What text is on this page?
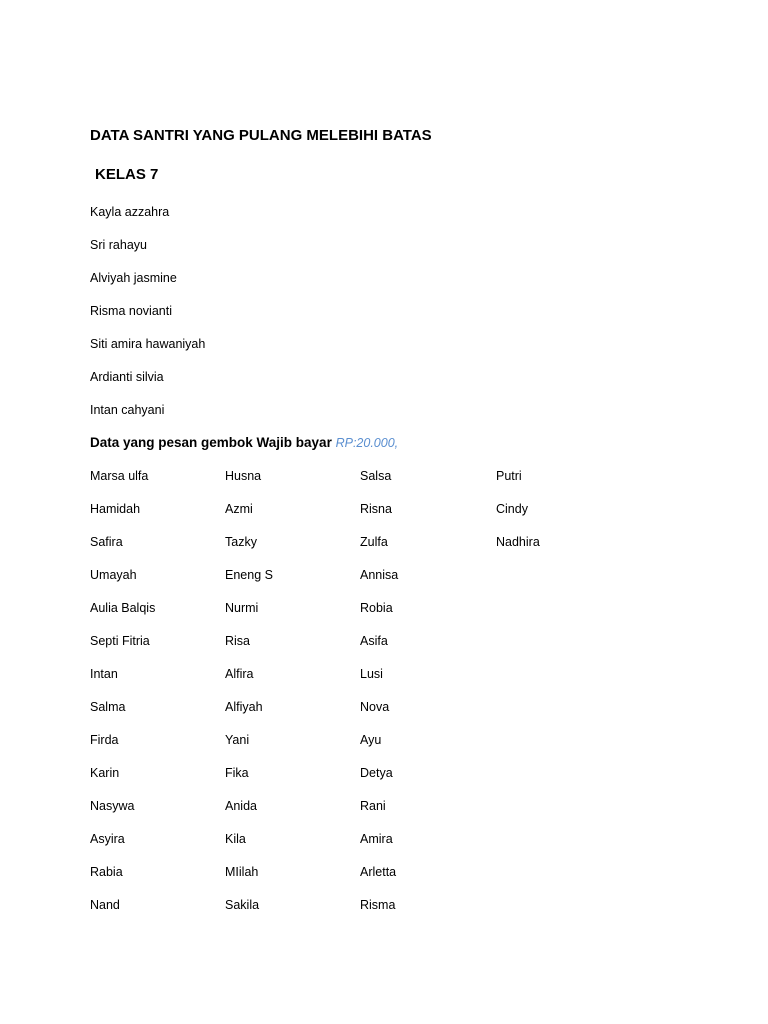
DATA SANTRI YANG PULANG MELEBIHI BATAS
KELAS 7
Kayla azzahra
Sri rahayu
Alviyah jasmine
Risma novianti
Siti amira hawaniyah
Ardianti silvia
Intan cahyani
Data yang pesan gembok Wajib bayar RP:20.000,
Marsa ulfa	Husna	Salsa	Putri
Hamidah	Azmi	Risna	Cindy
Safira	Tazky	Zulfa	Nadhira
Umayah	Eneng S	Annisa
Aulia Balqis	Nurmi	Robia
Septi Fitria	Risa	Asifa
Intan	Alfira	Lusi
Salma	Alfiyah	Nova
Firda	Yani	Ayu
Karin	Fika	Detya
Nasywa	Anida	Rani
Asyira	Kila	Amira
Rabia	MIilah	Arletta
Nand	Sakila	Risma
